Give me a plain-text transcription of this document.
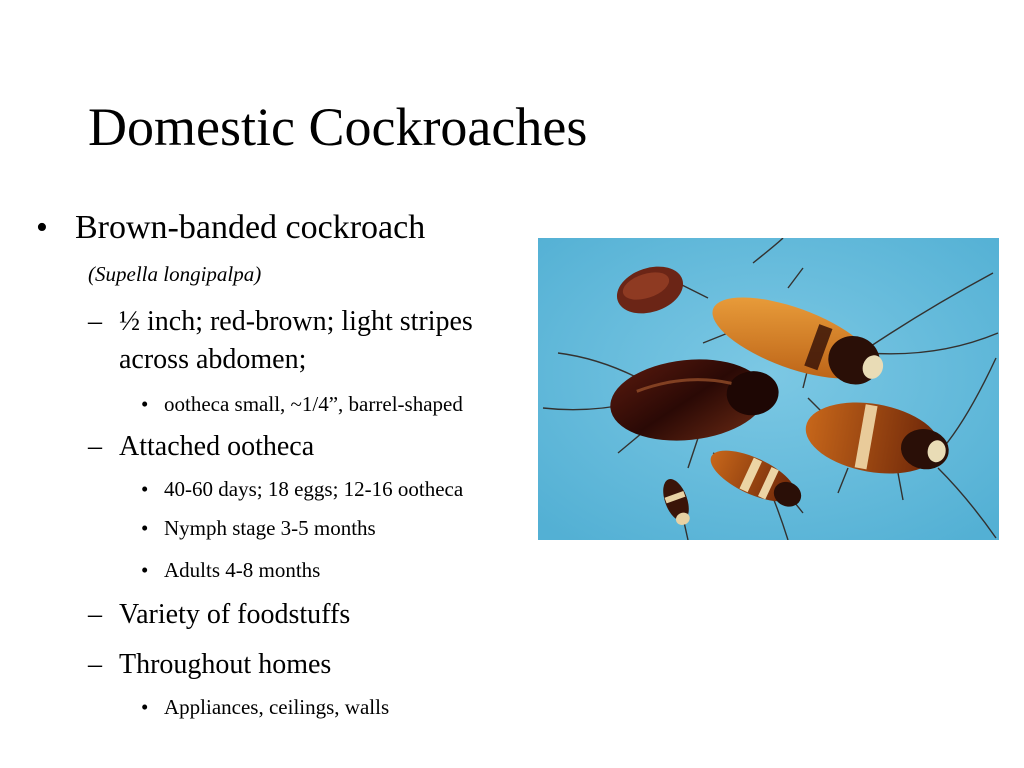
Domestic Cockroaches
• Brown-banded cockroach
(Supella longipalpa)
– ½ inch; red-brown; light stripes
across abdomen;
• ootheca small, ~1/4”, barrel-shaped
– Attached ootheca
• 40-60 days; 18 eggs; 12-16 ootheca
• Nymph stage 3-5 months
• Adults 4-8 months
– Variety of foodstuffs
– Throughout homes
• Appliances, ceilings, walls
